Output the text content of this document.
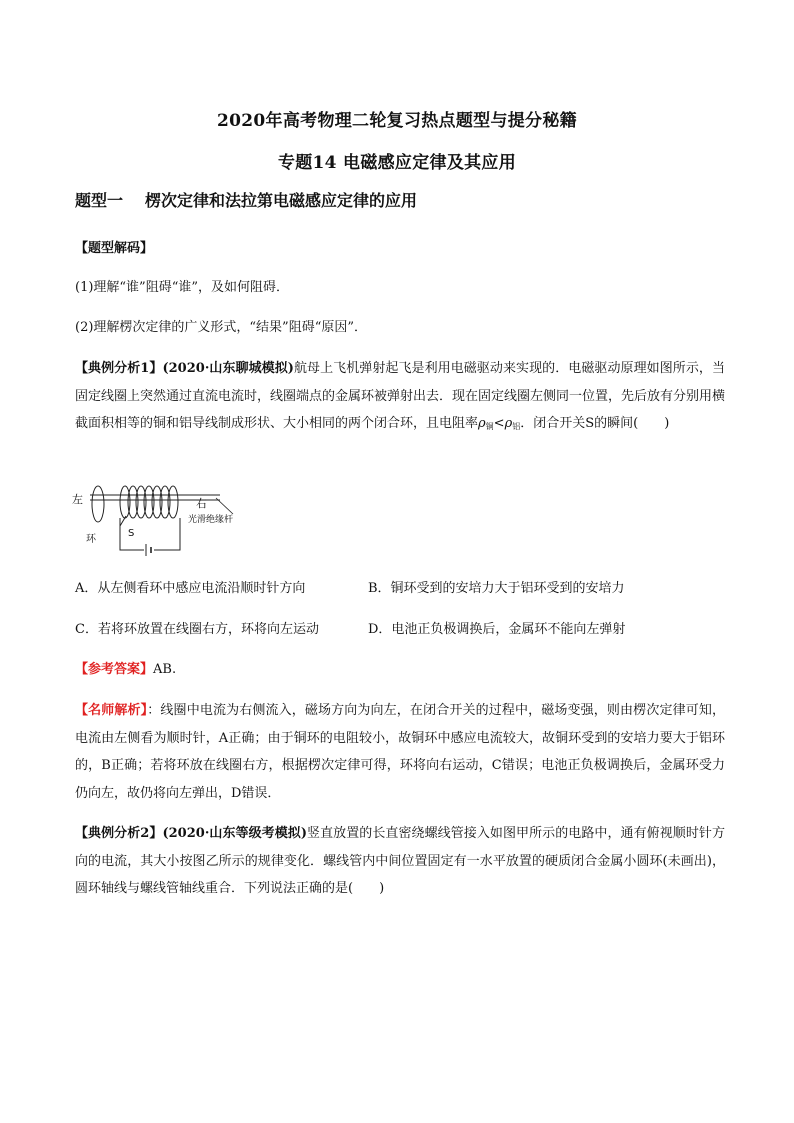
2020年高考物理二轮复习热点题型与提分秘籍
专题14 电磁感应定律及其应用
题型一 楞次定律和法拉第电磁感应定律的应用
【题型解码】
(1)理解“谁”阻碍“谁”，及如何阻碍．
(2)理解楞次定律的广义形式，“结果”阻碍“原因”．
【典例分析1】(2020·山东聊城模拟)航母上飞机弹射起飞是利用电磁驱动来实现的．电磁驱动原理如图所示，当固定线圈上突然通过直流电流时，线圈端点的金属环被弹射出去．现在固定线圈左侧同一位置，先后放有分别用横截面积相等的铜和铝导线制成形状、大小相同的两个闭合环，且电阻率$\rho_铜<\rho_铝$．闭合开关S的瞬间(　　)
左	右
光滑绝缘杆
环
S
A．从左侧看环中感应电流沿顺时针方向	B．铜环受到的安培力大于铝环受到的安培力
C．若将环放置在线圈右方，环将向左运动	D．电池正负极调换后，金属环不能向左弹射
【参考答案】AB.
【名师解析】：线圈中电流为右侧流入，磁场方向为向左，在闭合开关的过程中，磁场变强，则由楞次定律可知，电流由左侧看为顺时针，A正确；由于铜环的电阻较小，故铜环中感应电流较大，故铜环受到的安培力要大于铝环的，B正确；若将环放在线圈右方，根据楞次定律可得，环将向右运动，C错误；电池正负极调换后，金属环受力仍向左，故仍将向左弹出，D错误．
【典例分析2】(2020·山东等级考模拟)竖直放置的长直密绕螺线管接入如图甲所示的电路中，通有俯视顺时针方向的电流，其大小按图乙所示的规律变化．螺线管内中间位置固定有一水平放置的硬质闭合金属小圆环(未画出)，圆环轴线与螺线管轴线重合．下列说法正确的是(　　)
